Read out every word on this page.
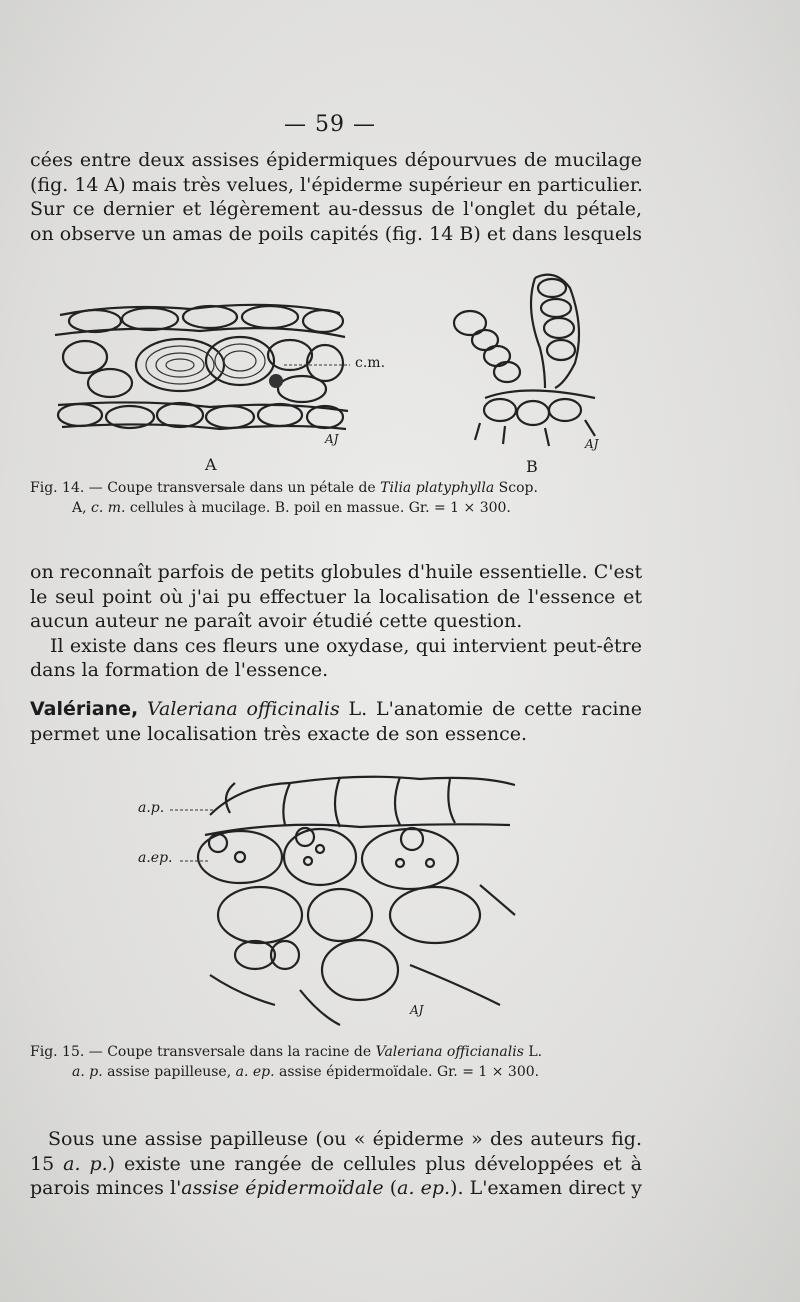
— 59 —
cées entre deux assises épidermiques dépourvues de mucilage
(fig. 14 A) mais très velues, l'épiderme supérieur en particulier.
Sur ce dernier et légèrement au-dessus de l'onglet du pétale,
on observe un amas de poils capités (fig. 14 B) et dans lesquels
c.m.
AJ
A
AJ
B
Fig. 14. — Coupe transversale dans un pétale de Tilia platyphylla Scop.
A, c. m. cellules à mucilage. B. poil en massue. Gr. = 1 × 300.
on reconnaît parfois de petits globules d'huile essentielle. C'est
le seul point où j'ai pu effectuer la localisation de l'essence et
aucun auteur ne paraît avoir étudié cette question.
Il existe dans ces fleurs une oxydase, qui intervient peut-être
dans la formation de l'essence.
Valériane, Valeriana officinalis L. L'anatomie de cette racine
permet une localisation très exacte de son essence.
a.p.
a.ep.
AJ
Fig. 15. — Coupe transversale dans la racine de Valeriana officianalis L.
a. p. assise papilleuse, a. ep. assise épidermoïdale. Gr. = 1 × 300.
Sous une assise papilleuse (ou « épiderme » des auteurs fig.
15 a. p.) existe une rangée de cellules plus développées et à
parois minces l'assise épidermoïdale (a. ep.). L'examen direct y
